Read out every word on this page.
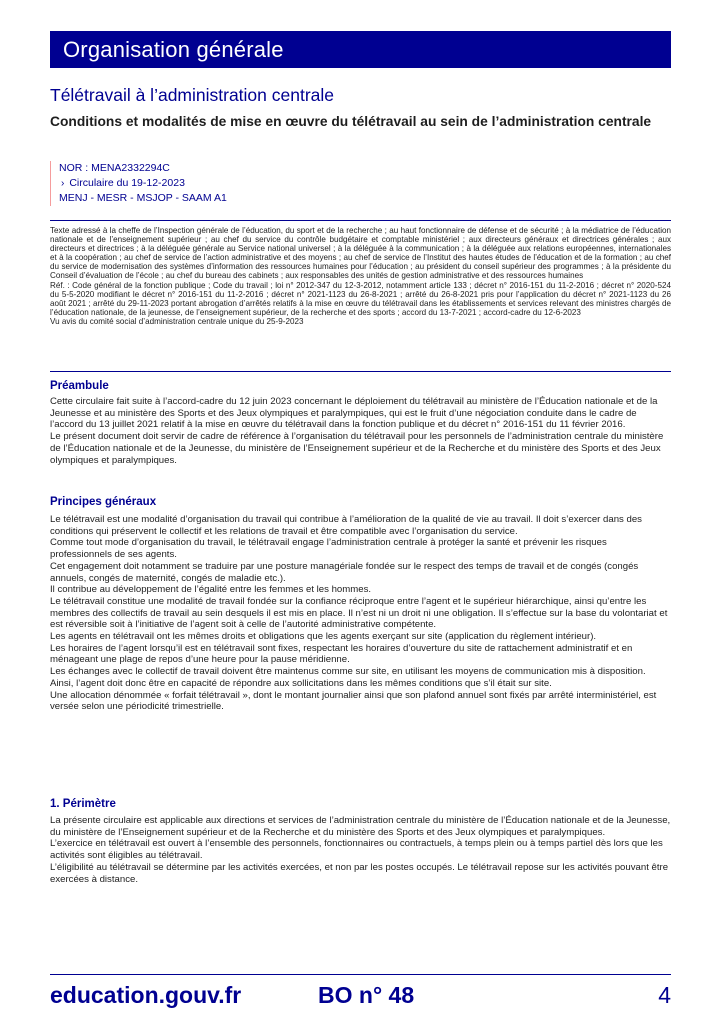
Organisation générale
Télétravail à l’administration centrale
Conditions et modalités de mise en œuvre du télétravail au sein de l’administration centrale
NOR : MENA2332294C
› Circulaire du 19-12-2023
MENJ - MESR - MSJOP - SAAM A1

Texte adressé à la cheffe de l’Inspection générale de l’éducation, du sport et de la recherche ; au haut fonctionnaire de défense et de sécurité ; à la médiatrice de l’éducation nationale et de l’enseignement supérieur ; au chef du service du contrôle budgétaire et comptable ministériel ; aux directeurs généraux et directrices générales ; aux directeurs et directrices ; à la déléguée générale au Service national universel ; à la déléguée à la communication ; à la déléguée aux relations européennes, internationales et à la coopération ; au chef de service de l’action administrative et des moyens ; au chef de service de l’Institut des hautes études de l’éducation et de la formation ; au chef du service de modernisation des systèmes d’information des ressources humaines pour l’éducation ; au président du conseil supérieur des programmes ; à la présidente du Conseil d’évaluation de l’école ; au chef du bureau des cabinets ; aux responsables des unités de gestion administrative et des ressources humaines

Réf. : Code général de la fonction publique ; Code du travail ; loi n° 2012-347 du 12-3-2012, notamment article 133 ; décret n° 2016-151 du 11-2-2016 ; décret n° 2020-524 du 5-5-2020 modifiant le décret n° 2016-151 du 11-2-2016 ; décret n° 2021-1123 du 26-8-2021 ; arrêté du 26-8-2021 pris pour l’application du décret n° 2021-1123 du 26 août 2021 ; arrêté du 29-11-2023 portant abrogation d’arrêtés relatifs à la mise en œuvre du télétravail dans les établissements et services relevant des ministres chargés de l’éducation nationale, de la jeunesse, de l’enseignement supérieur, de la recherche et des sports ; accord du 13-7-2021 ; accord-cadre du 12-6-2023

Vu avis du comité social d’administration centrale unique du 25-9-2023

Préambule

Cette circulaire fait suite à l’accord-cadre du 12 juin 2023 concernant le déploiement du télétravail au ministère de l’Éducation nationale et de la Jeunesse et au ministère des Sports et des Jeux olympiques et paralympiques, qui est le fruit d’une négociation conduite dans le cadre de l’accord du 13 juillet 2021 relatif à la mise en œuvre du télétravail dans la fonction publique et du décret n° 2016-151 du 11 février 2016.

Le présent document doit servir de cadre de référence à l’organisation du télétravail pour les personnels de l’administration centrale du ministère de l’Éducation nationale et de la Jeunesse, du ministère de l’Enseignement supérieur et de la Recherche et du ministère des Sports et des Jeux olympiques et paralympiques.

Principes généraux

Le télétravail est une modalité d’organisation du travail qui contribue à l’amélioration de la qualité de vie au travail. Il doit s’exercer dans des conditions qui préservent le collectif et les relations de travail et être compatible avec l’organisation du service.

Comme tout mode d’organisation du travail, le télétravail engage l’administration centrale à protéger la santé et prévenir les risques professionnels de ses agents.

Cet engagement doit notamment se traduire par une posture managériale fondée sur le respect des temps de travail et de congés (congés annuels, congés de maternité, congés de maladie etc.).

Il contribue au développement de l’égalité entre les femmes et les hommes.

Le télétravail constitue une modalité de travail fondée sur la confiance réciproque entre l’agent et le supérieur hiérarchique, ainsi qu’entre les membres des collectifs de travail au sein desquels il est mis en place. Il n’est ni un droit ni une obligation. Il s’effectue sur la base du volontariat et est réversible soit à l’initiative de l’agent soit à celle de l’autorité administrative compétente.

Les agents en télétravail ont les mêmes droits et obligations que les agents exerçant sur site (application du règlement intérieur).

Les horaires de l’agent lorsqu’il est en télétravail sont fixes, respectant les horaires d’ouverture du site de rattachement administratif et en ménageant une plage de repos d’une heure pour la pause méridienne.

Les échanges avec le collectif de travail doivent être maintenus comme sur site, en utilisant les moyens de communication mis à disposition. Ainsi, l’agent doit donc être en capacité de répondre aux sollicitations dans les mêmes conditions que s’il était sur site.

Une allocation dénommée « forfait télétravail », dont le montant journalier ainsi que son plafond annuel sont fixés par arrêté interministériel, est versée selon une périodicité trimestrielle.

1. Périmètre

La présente circulaire est applicable aux directions et services de l’administration centrale du ministère de l’Éducation nationale et de la Jeunesse, du ministère de l’Enseignement supérieur et de la Recherche et du ministère des Sports et des Jeux olympiques et paralympiques.

L’exercice en télétravail est ouvert à l’ensemble des personnels, fonctionnaires ou contractuels, à temps plein ou à temps partiel dès lors que les activités sont éligibles au télétravail.

L’éligibilité au télétravail se détermine par les activités exercées, et non par les postes occupés. Le télétravail repose sur les activités pouvant être exercées à distance.

education.gouv.fr	BO n° 48	4
